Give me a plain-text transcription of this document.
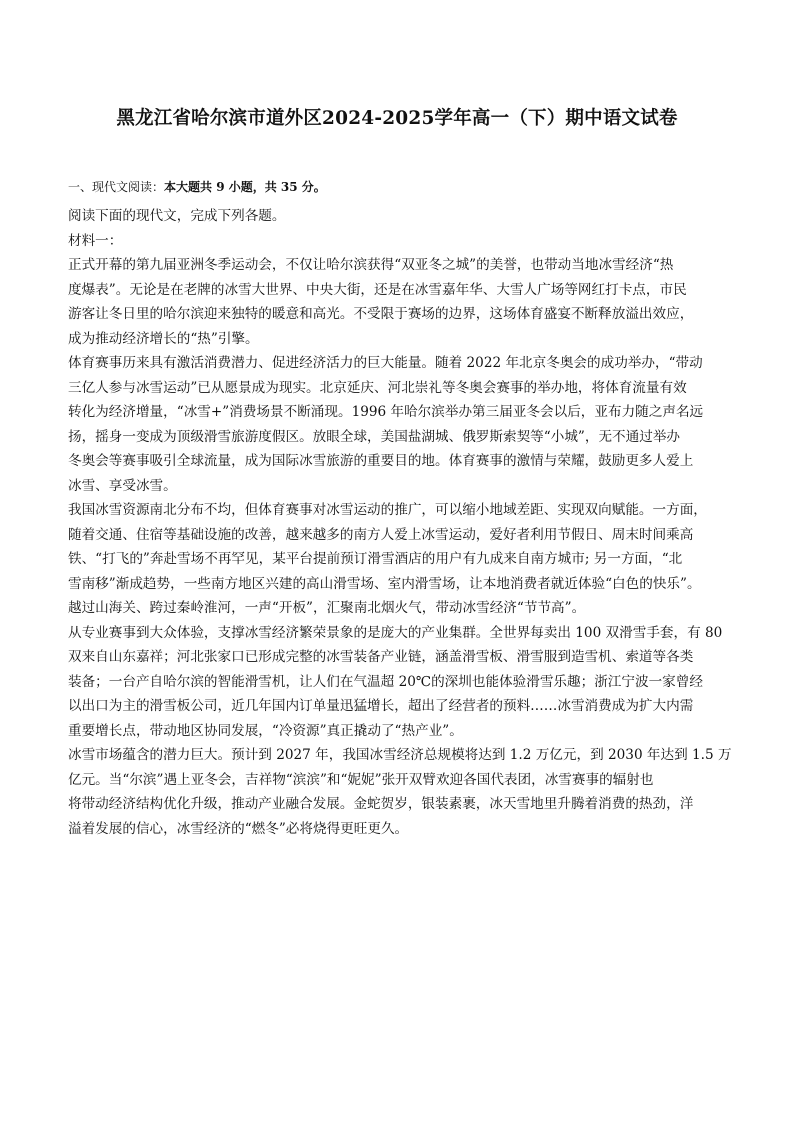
黑龙江省哈尔滨市道外区2024-2025学年高一（下）期中语文试卷
一、现代文阅读：本大题共 9 小题，共 35 分。
阅读下面的现代文，完成下列各题。
材料一：
正式开幕的第九届亚洲冬季运动会，不仅让哈尔滨获得“双亚冬之城”的美誉，也带动当地冰雪经济“热
度爆表”。无论是在老牌的冰雪大世界、中央大街，还是在冰雪嘉年华、大雪人广场等网红打卡点，市民
游客让冬日里的哈尔滨迎来独特的暖意和高光。不受限于赛场的边界，这场体育盛宴不断释放溢出效应，
成为推动经济增长的“热”引擎。
体育赛事历来具有激活消费潜力、促进经济活力的巨大能量。随着 2022 年北京冬奥会的成功举办，“带动
三亿人参与冰雪运动”已从愿景成为现实。北京延庆、河北崇礼等冬奥会赛事的举办地，将体育流量有效
转化为经济增量，“冰雪+”消费场景不断涌现。1996 年哈尔滨举办第三届亚冬会以后，亚布力随之声名远
扬，摇身一变成为顶级滑雪旅游度假区。放眼全球，美国盐湖城、俄罗斯索契等“小城”，无不通过举办
冬奥会等赛事吸引全球流量，成为国际冰雪旅游的重要目的地。体育赛事的激情与荣耀，鼓励更多人爱上
冰雪、享受冰雪。
我国冰雪资源南北分布不均，但体育赛事对冰雪运动的推广，可以缩小地域差距、实现双向赋能。一方面，
随着交通、住宿等基础设施的改善，越来越多的南方人爱上冰雪运动，爱好者利用节假日、周末时间乘高
铁、“打飞的”奔赴雪场不再罕见，某平台提前预订滑雪酒店的用户有九成来自南方城市; 另一方面，“北
雪南移”渐成趋势，一些南方地区兴建的高山滑雪场、室内滑雪场，让本地消费者就近体验“白色的快乐”。
越过山海关、跨过秦岭淮河，一声“开板”，汇聚南北烟火气，带动冰雪经济“节节高”。
从专业赛事到大众体验，支撑冰雪经济繁荣景象的是庞大的产业集群。全世界每卖出 100 双滑雪手套，有 80
双来自山东嘉祥；河北张家口已形成完整的冰雪装备产业链，涵盖滑雪板、滑雪服到造雪机、索道等各类
装备；一台产自哈尔滨的智能滑雪机，让人们在气温超 20℃的深圳也能体验滑雪乐趣；浙江宁波一家曾经
以出口为主的滑雪板公司，近几年国内订单量迅猛增长，超出了经营者的预料……冰雪消费成为扩大内需
重要增长点，带动地区协同发展，“冷资源”真正撬动了“热产业”。
冰雪市场蕴含的潜力巨大。预计到 2027 年，我国冰雪经济总规模将达到 1.2 万亿元，到 2030 年达到 1.5 万
亿元。当“尔滨”遇上亚冬会，吉祥物“滨滨”和“妮妮”张开双臂欢迎各国代表团，冰雪赛事的辐射也
将带动经济结构优化升级，推动产业融合发展。金蛇贺岁，银装素裹，冰天雪地里升腾着消费的热劲，洋
溢着发展的信心，冰雪经济的“燃冬”必将烧得更旺更久。
